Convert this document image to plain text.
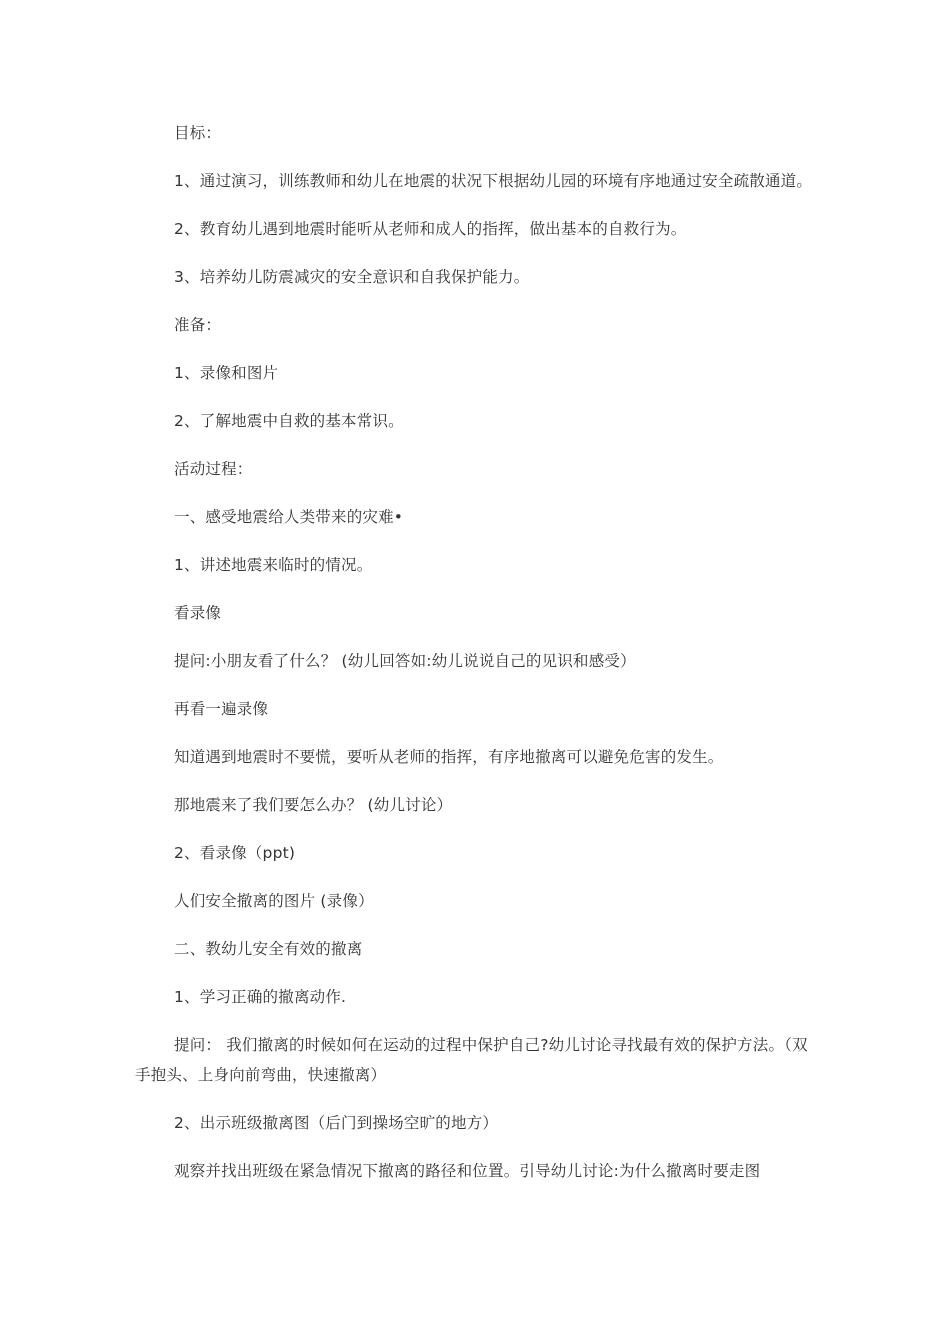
目标：

1、通过演习，训练教师和幼儿在地震的状况下根据幼儿园的环境有序地通过安全疏散通道。

2、教育幼儿遇到地震时能听从老师和成人的指挥，做出基本的自救行为。

3、培养幼儿防震减灾的安全意识和自我保护能力。

准备：

1、录像和图片

2、了解地震中自救的基本常识。

活动过程：

一、感受地震给人类带来的灾难•

1、讲述地震来临时的情况。

看录像

提问:小朋友看了什么？ (幼儿回答如:幼儿说说自己的见识和感受）

再看一遍录像

知道遇到地震时不要慌，要听从老师的指挥，有序地撤离可以避免危害的发生。

那地震来了我们要怎么办？ (幼儿讨论）

2、看录像（ppt)

人们安全撤离的图片 (录像）

二、教幼儿安全有效的撤离

1、学习正确的撤离动作.

提问： 我们撤离的时候如何在运动的过程中保护自己?幼儿讨论寻找最有效的保护方法。（双手抱头、上身向前弯曲，快速撤离）

2、出示班级撤离图（后门到操场空旷的地方）

观察并找出班级在紧急情况下撤离的路径和位置。引导幼儿讨论:为什么撤离时要走图
